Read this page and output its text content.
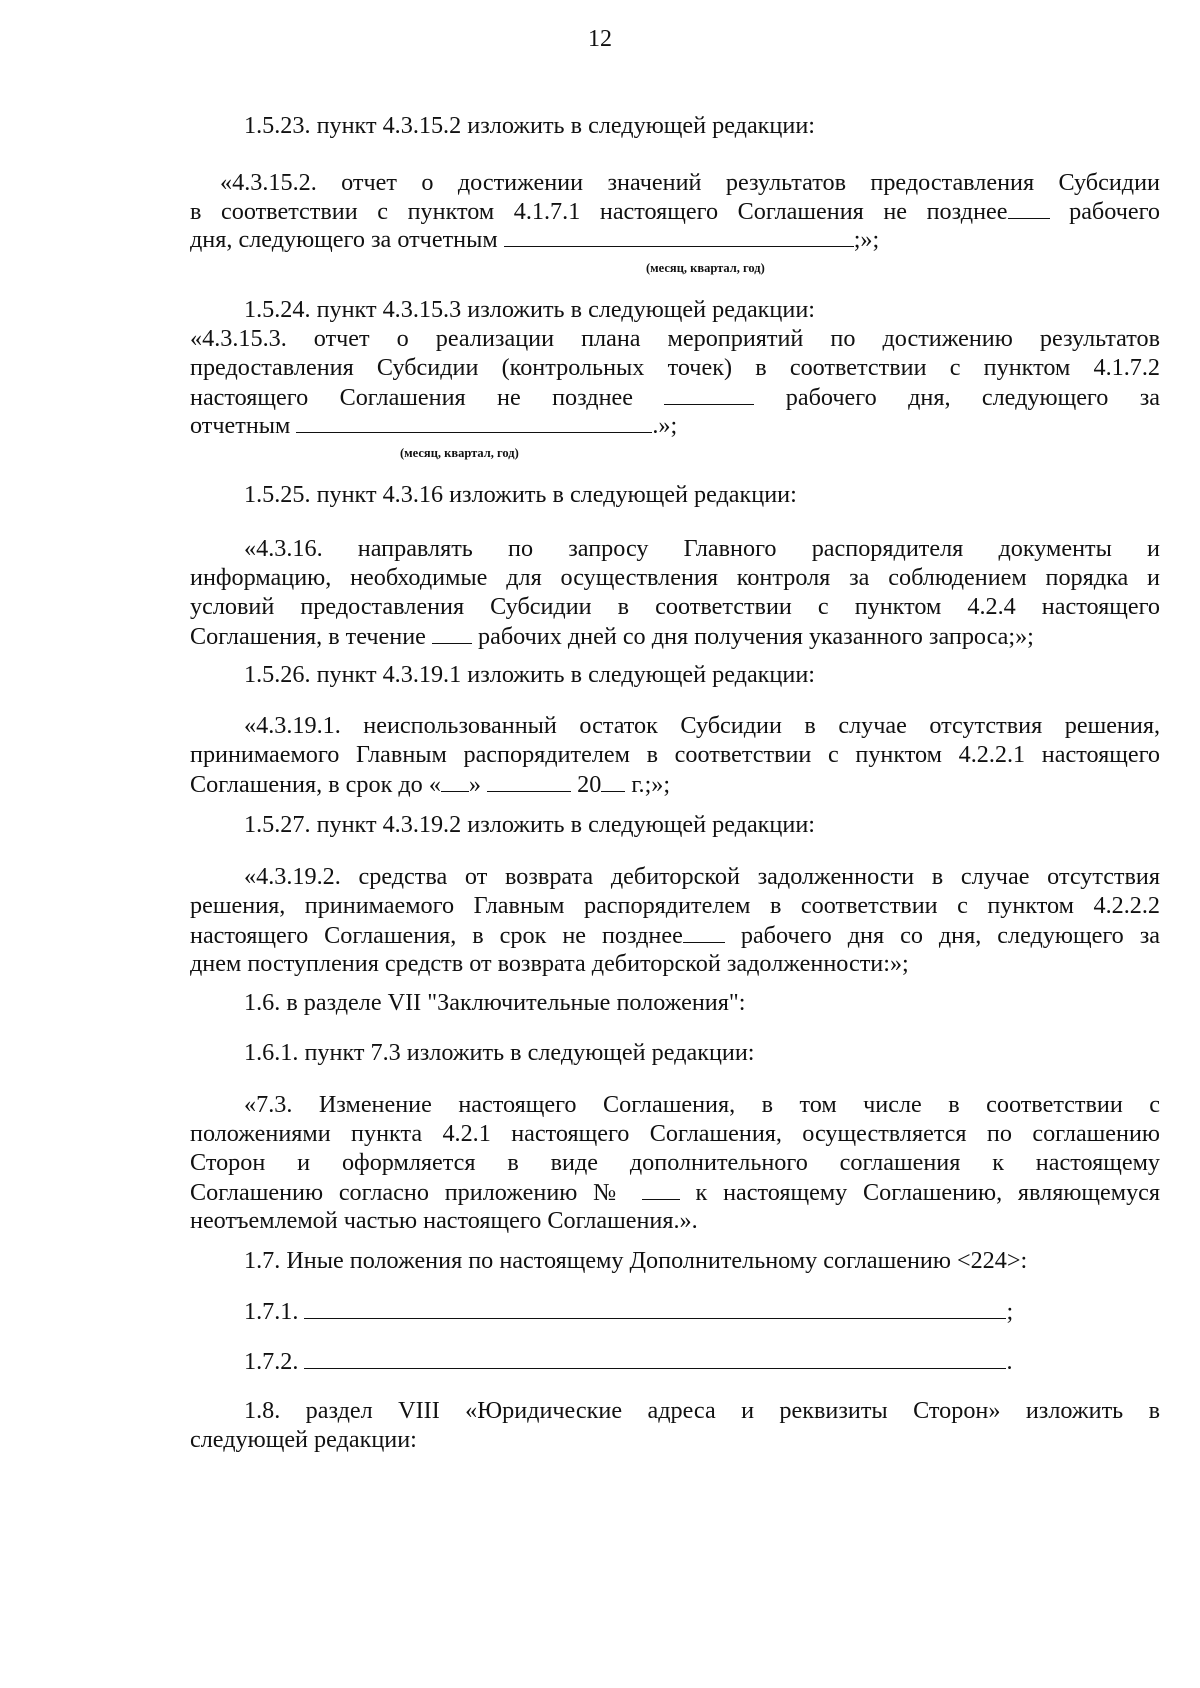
12
1.5.23. пункт 4.3.15.2 изложить в следующей редакции:
«4.3.15.2. отчет о достижении значений результатов предоставления Субсидии
в соответствии с пунктом 4.1.7.1 настоящего Соглашения не позднее	рабочего
дня, следующего за отчетным	;»;
(месяц, квартал, год)
1.5.24. пункт 4.3.15.3 изложить в следующей редакции:
«4.3.15.3. отчет о реализации плана мероприятий по достижению результатов
предоставления Субсидии (контрольных точек) в соответствии с пунктом 4.1.7.2
настоящего Соглашения не позднее	рабочего дня, следующего за
отчетным	.»;
(месяц, квартал, год)
1.5.25. пункт 4.3.16 изложить в следующей редакции:
«4.3.16. направлять по запросу Главного распорядителя документы и
информацию, необходимые для осуществления контроля за соблюдением порядка и
условий предоставления Субсидии в соответствии с пунктом 4.2.4 настоящего
Соглашения, в течение рабочих дней со дня получения указанного запроса;»;
1.5.26. пункт 4.3.19.1 изложить в следующей редакции:
«4.3.19.1. неиспользованный остаток Субсидии в случае отсутствия решения,
принимаемого Главным распорядителем в соответствии с пунктом 4.2.2.1 настоящего
Соглашения, в срок до « »	20 г.;»;
1.5.27. пункт 4.3.19.2 изложить в следующей редакции:
«4.3.19.2. средства от возврата дебиторской задолженности в случае отсутствия
решения, принимаемого Главным распорядителем в соответствии с пунктом 4.2.2.2
настоящего Соглашения, в срок не позднее рабочего дня со дня, следующего за
днем поступления средств от возврата дебиторской задолженности:»;
1.6. в разделе VII "Заключительные положения":
1.6.1. пункт 7.3 изложить в следующей редакции:
«7.3. Изменение настоящего Соглашения, в том числе в соответствии с
положениями пункта 4.2.1 настоящего Соглашения, осуществляется по соглашению
Сторон и оформляется в виде дополнительного соглашения к настоящему
Соглашению согласно приложению №	к настоящему Соглашению, являющемуся
неотъемлемой частью настоящего Соглашения.».
1.7. Иные положения по настоящему Дополнительному соглашению <224>:
1.7.1.	;
1.7.2.	.
1.8. раздел VIII «Юридические адреса и реквизиты Сторон» изложить в
следующей редакции:
